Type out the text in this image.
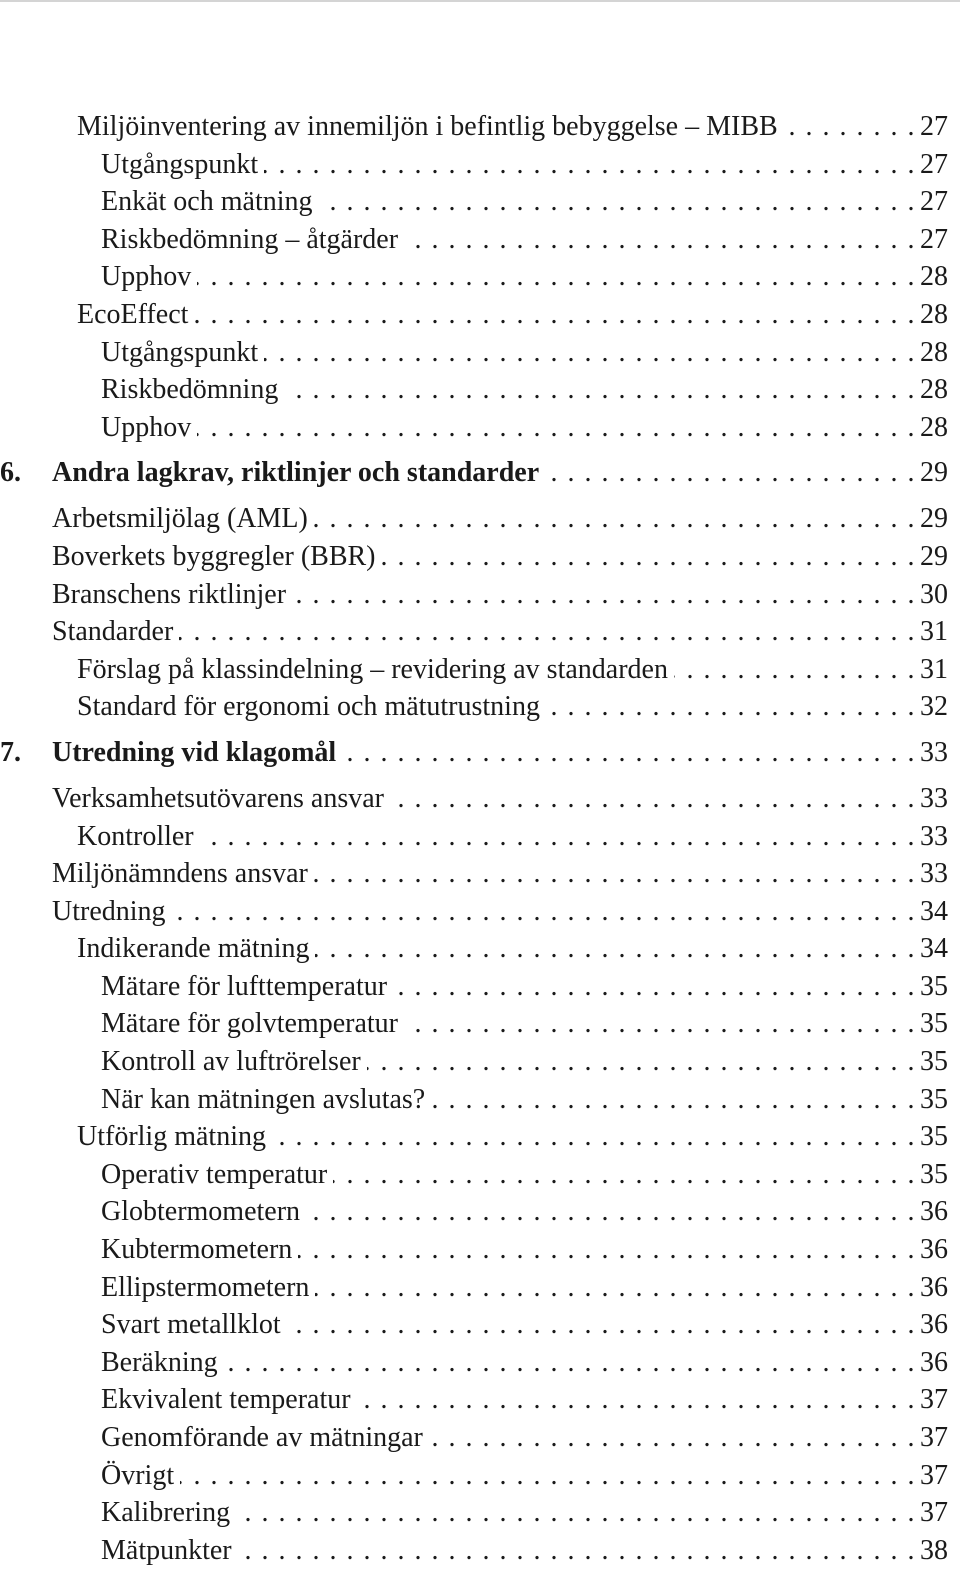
Miljöinventering av innemiljön i befintlig bebyggelse – MIBB . . .	27
Utgångspunkt . . .	27
Enkät och mätning . . .	27
Riskbedömning – åtgärder . . .	27
Upphov . . .	28
EcoEffect . . .	28
Utgångspunkt . . .	28
Riskbedömning . . .	28
Upphov . . .	28
6.	Andra lagkrav, riktlinjer och standarder . . .	29
Arbetsmiljölag (AML) . . .	29
Boverkets byggregler (BBR) . . .	29
Branschens riktlinjer . . .	30
Standarder . . .	31
Förslag på klassindelning – revidering av standarden . . .	31
Standard för ergonomi och mätutrustning . . .	32
7.	Utredning vid klagomål . . .	33
Verksamhetsutövarens ansvar . . .	33
Kontroller . . .	33
Miljönämndens ansvar . . .	33
Utredning . . .	34
Indikerande mätning . . .	34
Mätare för lufttemperatur . . .	35
Mätare för golvtemperatur . . .	35
Kontroll av luftrörelser . . .	35
När kan mätningen avslutas? . . .	35
Utförlig mätning . . .	35
Operativ temperatur . . .	35
Globtermometern . . .	36
Kubtermometern . . .	36
Ellipstermometern . . .	36
Svart metallklot . . .	36
Beräkning . . .	36
Ekvivalent temperatur . . .	37
Genomförande av mätningar . . .	37
Övrigt . . .	37
Kalibrering . . .	37
Mätpunkter . . .	38
